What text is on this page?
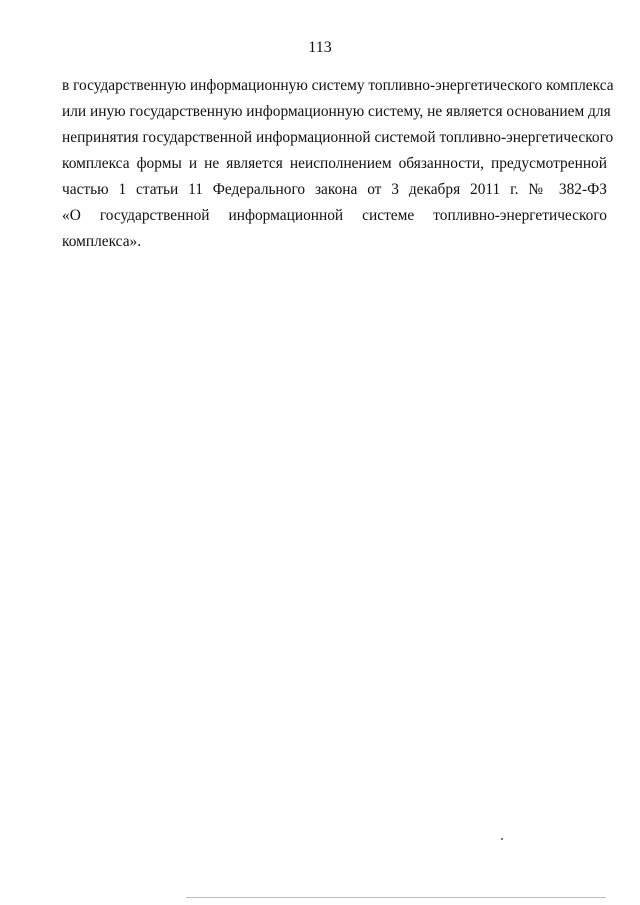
113
в государственную информационную систему топливно-энергетического комплекса
или иную государственную информационную систему, не является основанием для
непринятия государственной информационной системой топливно-энергетического
комплекса формы и не является неисполнением обязанности, предусмотренной
частью 1 статьи 11 Федерального закона от 3 декабря 2011 г. № 382-ФЗ
«О государственной информационной системе топливно-энергетического
комплекса».
